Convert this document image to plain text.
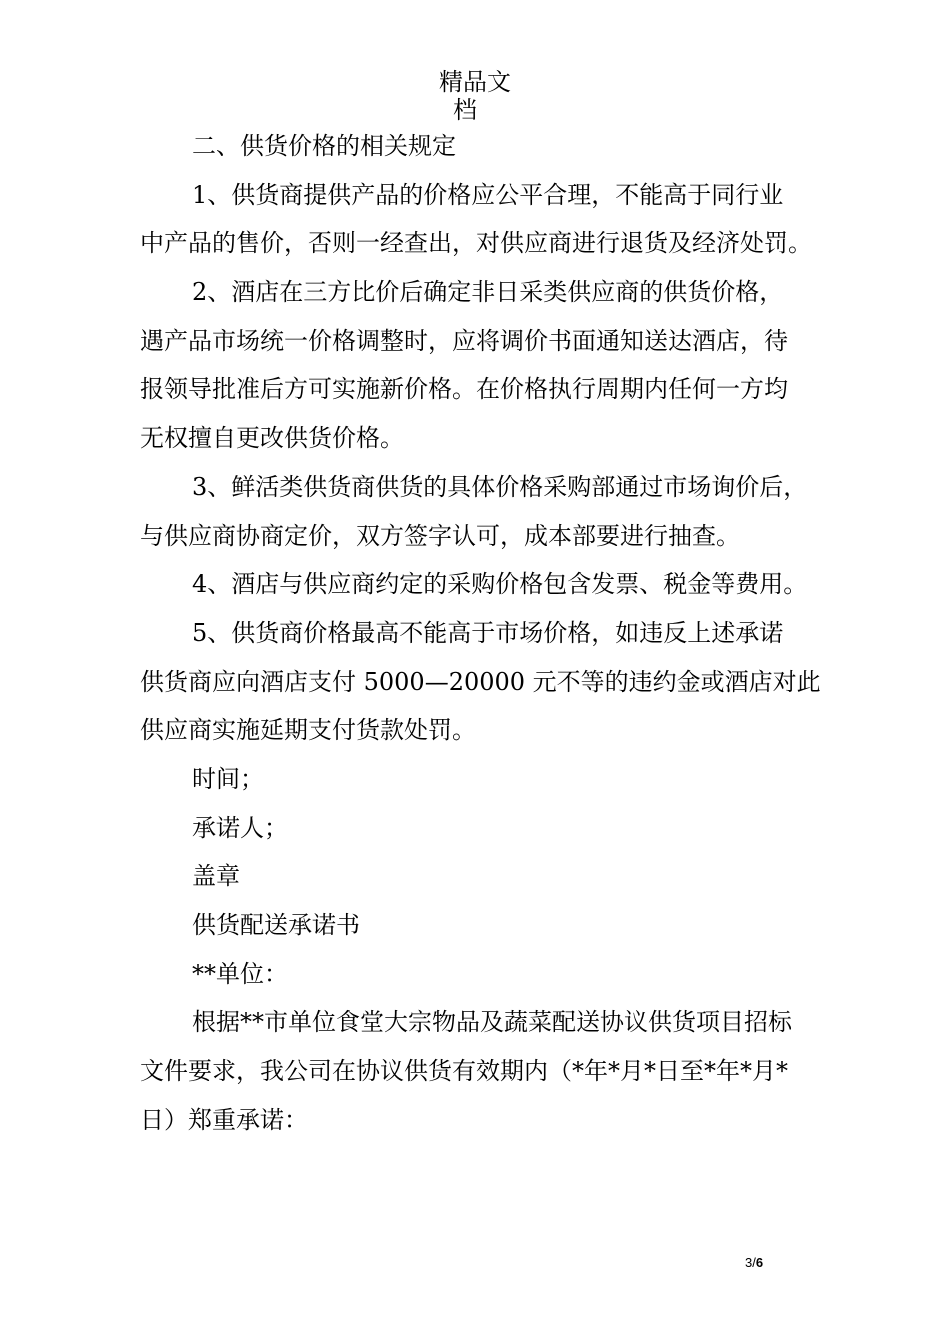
精品文
档
二、供货价格的相关规定
1、供货商提供产品的价格应公平合理，不能高于同行业
中产品的售价，否则一经查出，对供应商进行退货及经济处罚。
2、酒店在三方比价后确定非日采类供应商的供货价格，
遇产品市场统一价格调整时，应将调价书面通知送达酒店，待
报领导批准后方可实施新价格。在价格执行周期内任何一方均
无权擅自更改供货价格。
3、鲜活类供货商供货的具体价格采购部通过市场询价后，
与供应商协商定价，双方签字认可，成本部要进行抽查。
4、酒店与供应商约定的采购价格包含发票、税金等费用。
5、供货商价格最高不能高于市场价格，如违反上述承诺
供货商应向酒店支付 5000—20000 元不等的违约金或酒店对此
供应商实施延期支付货款处罚。
时间；
承诺人；
盖章
供货配送承诺书
**单位：
根据**市单位食堂大宗物品及蔬菜配送协议供货项目招标
文件要求，我公司在协议供货有效期内（*年*月*日至*年*月*
日）郑重承诺：
3/6
